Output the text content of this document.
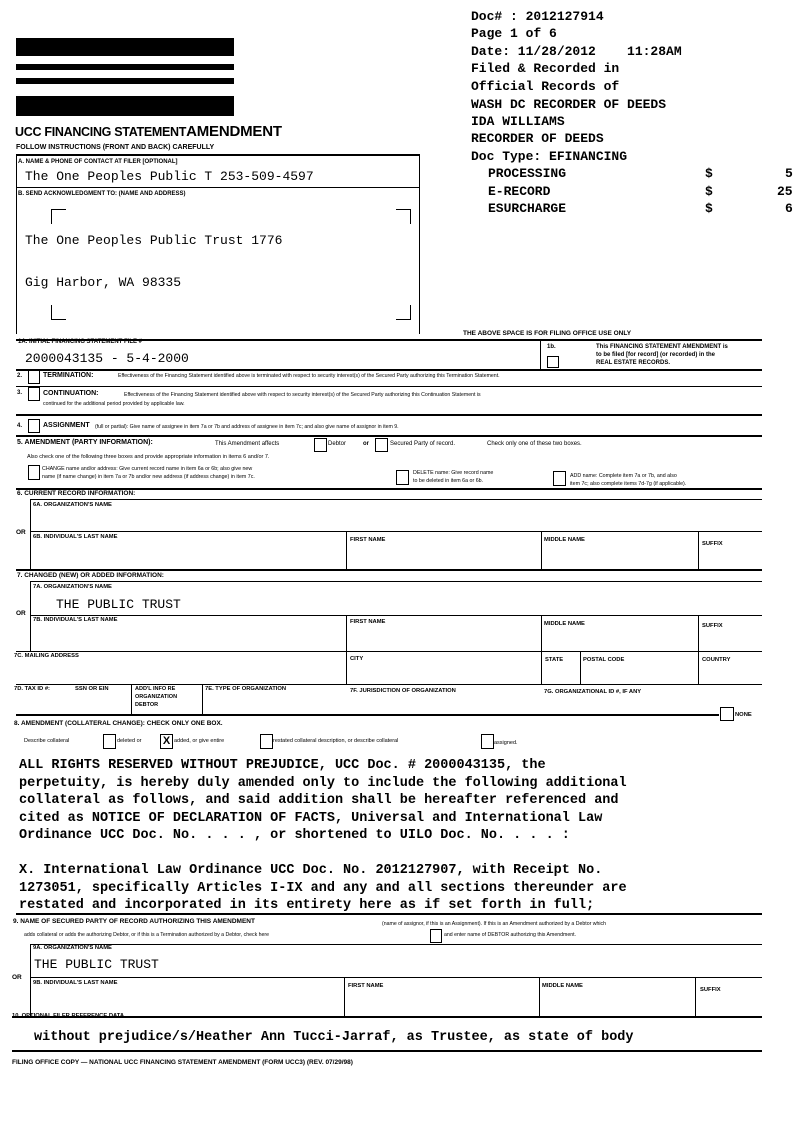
Doc# : 2012127914
Page 1 of 6
Date: 11/28/2012    11:28AM
Filed & Recorded in
Official Records of
WASH DC RECORDER OF DEEDS
IDA WILLIAMS
RECORDER OF DEEDS
Doc Type: EFINANCING
PROCESSING	$	5
E-RECORD	$	25
ESURCHARGE	$	6
UCC FINANCING STATEMENTAMENDMENT
FOLLOW INSTRUCTIONS (FRONT AND BACK) CAREFULLY
A. NAME & PHONE OF CONTACT AT FILER [OPTIONAL]
The One Peoples Public T 253-509-4597
B. SEND ACKNOWLEDGMENT TO: (NAME AND ADDRESS)
The One Peoples Public Trust 1776
Gig Harbor, WA 98335
THE ABOVE SPACE IS FOR FILING OFFICE USE ONLY
1A. INITIAL FINANCING STATEMENT FILE #
2000043135 - 5-4-2000
1b.	This FINANCING STATEMENT AMENDMENT is
to be filed [for record] (or recorded) in the
REAL ESTATE RECORDS.
2.	TERMINATION:	Effectiveness of the Financing Statement identified above is terminated with respect to security interest(s) of the Secured Party authorizing this Termination Statement.
3.	CONTINUATION:	Effectiveness of the Financing Statement identified above with respect to security interest(s) of the Secured Party authorizing this Continuation Statement is
continued for the additional period provided by applicable law.
4.	ASSIGNMENT (full or partial): Give name of assignee in item 7a or 7b and address of assignee in item 7c; and also give name of assignor in item 9.
5. AMENDMENT (PARTY INFORMATION):	This Amendment affects	Debtor	or	Secured Party of record.	Check only one of these two boxes.
Also check one of the following three boxes and provide appropriate information in items 6 and/or 7.
CHANGE name and/or address: Give current record name in item 6a or 6b; also give new
name (if name change) in item 7a or 7b and/or new address (if address change) in item 7c.
DELETE name: Give record name
to be deleted in item 6a or 6b.
ADD name: Complete item 7a or 7b, and also
item 7c; also complete items 7d-7g (if applicable).
6. CURRENT RECORD INFORMATION:
6A. ORGANIZATION'S NAME
OR
6B. INDIVIDUAL'S LAST NAME	FIRST NAME	MIDDLE NAME
SUFFIX
7. CHANGED (NEW) OR ADDED INFORMATION:
7A. ORGANIZATION'S NAME
THE PUBLIC TRUST
OR
7B. INDIVIDUAL'S LAST NAME	FIRST NAME	MIDDLE NAME	SUFFIX
7C. MAILING ADDRESS	CITY	STATE	POSTAL CODE	COUNTRY
7D. TAX ID #:	SSN OR EIN	ADD'L INFO RE
ORGANIZATION
DEBTOR
7E. TYPE OF ORGANIZATION	7F. JURISDICTION OF ORGANIZATION	7G. ORGANIZATIONAL ID #, IF ANY
NONE
8. AMENDMENT (COLLATERAL CHANGE): CHECK ONLY ONE BOX.
Describe collateral	deleted or X added, or give entire	restated collateral description, or describe collateral	assigned.
ALL RIGHTS RESERVED WITHOUT PREJUDICE, UCC Doc. # 2000043135, the
perpetuity, is hereby duly amended only to include the following additional
collateral as follows, and said addition shall be hereafter referenced and
cited as NOTICE OF DECLARATION OF FACTS, Universal and International Law
Ordinance UCC Doc. No. . . . , or shortened to UILO Doc. No. . . . :
X. International Law Ordinance UCC Doc. No. 2012127907, with Receipt No.
1273051, specifically Articles I-IX and any and all sections thereunder are
restated and incorporated in its entirety here as if set forth in full;
9. NAME OF SECURED PARTY OF RECORD AUTHORIZING THIS AMENDMENT	(name of assignor, if this is an Assignment). If this is an Amendment authorized by a Debtor which
adds collateral or adds the authorizing Debtor, or if this is a Termination authorized by a Debtor, check here	and enter name of DEBTOR authorizing this Amendment.
9A. ORGANIZATION'S NAME
THE PUBLIC TRUST
OR
9B. INDIVIDUAL'S LAST NAME	FIRST NAME	MIDDLE NAME
SUFFIX
10. OPTIONAL FILER REFERENCE DATA
without prejudice/s/Heather Ann Tucci-Jarraf, as Trustee, as state of body
FILING OFFICE COPY — NATIONAL UCC FINANCING STATEMENT AMENDMENT (FORM UCC3) (REV. 07/29/98)
